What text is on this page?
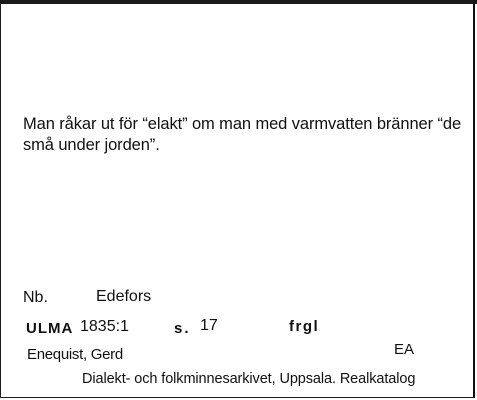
Man råkar ut för “elakt” om man med varmvatten bränner “de
små under jorden”.
Nb.	Edefors
ULMA 1835:1	s. 17	frgl
Enequist, Gerd	EA
Dialekt- och folkminnesarkivet, Uppsala. Realkatalog
